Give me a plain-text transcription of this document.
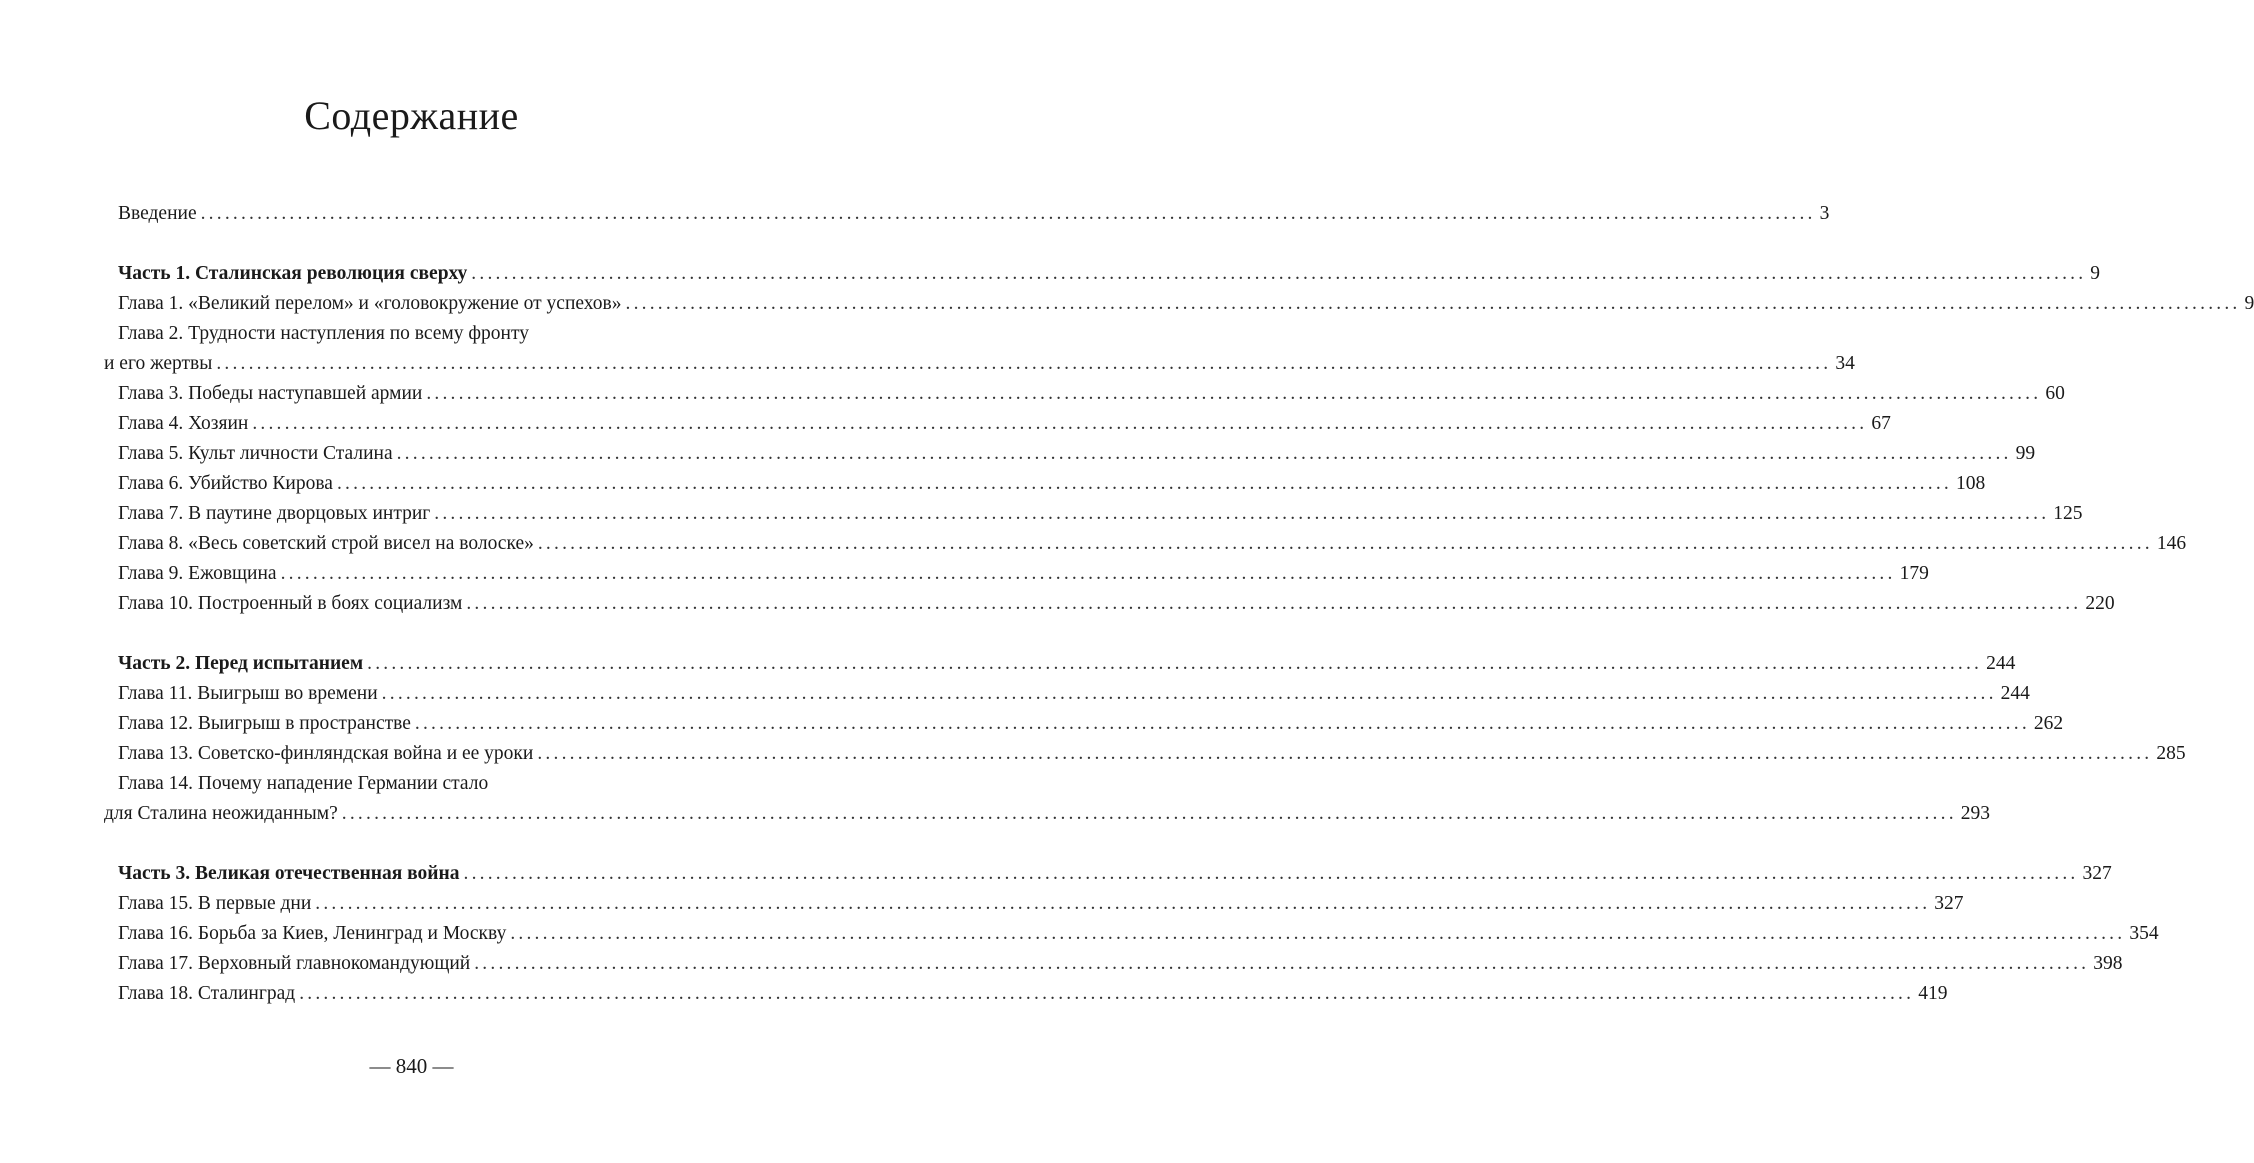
Содержание
Введение ........................................................................................................................................................................................................ 3
Часть 1. Сталинская революция сверху ........................................................................................................................................................................................................ 9
Глава 1. «Великий перелом» и «головокружение от успехов» ........................................................................................................................................................................................................ 9
Глава 2. Трудности наступления по всему фронту
и его жертвы ........................................................................................................................................................................................................ 34
Глава 3. Победы наступавшей армии ........................................................................................................................................................................................................ 60
Глава 4. Хозяин ........................................................................................................................................................................................................ 67
Глава 5. Культ личности Сталина ........................................................................................................................................................................................................ 99
Глава 6. Убийство Кирова ........................................................................................................................................................................................................ 108
Глава 7. В паутине дворцовых интриг ........................................................................................................................................................................................................ 125
Глава 8. «Весь советский строй висел на волоске» ........................................................................................................................................................................................................ 146
Глава 9. Ежовщина ........................................................................................................................................................................................................ 179
Глава 10. Построенный в боях социализм ........................................................................................................................................................................................................ 220
Часть 2. Перед испытанием ........................................................................................................................................................................................................ 244
Глава 11. Выигрыш во времени ........................................................................................................................................................................................................ 244
Глава 12. Выигрыш в пространстве ........................................................................................................................................................................................................ 262
Глава 13. Советско-финляндская война и ее уроки ........................................................................................................................................................................................................ 285
Глава 14. Почему нападение Германии стало
для Сталина неожиданным? ........................................................................................................................................................................................................ 293
Часть 3. Великая отечественная война ........................................................................................................................................................................................................ 327
Глава 15. В первые дни ........................................................................................................................................................................................................ 327
Глава 16. Борьба за Киев, Ленинград и Москву ........................................................................................................................................................................................................ 354
Глава 17. Верховный главнокомандующий ........................................................................................................................................................................................................ 398
Глава 18. Сталинград ........................................................................................................................................................................................................ 419
— 840 —
